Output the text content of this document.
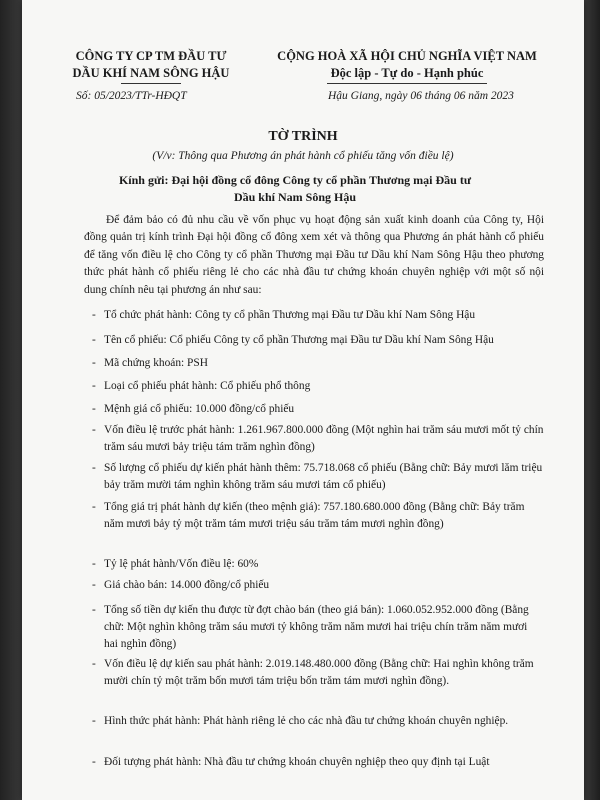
CÔNG TY CP TM ĐẦU TƯ
DẦU KHÍ NAM SÔNG HẬU
CỘNG HOÀ XÃ HỘI CHỦ NGHĨA VIỆT NAM
Độc lập - Tự do - Hạnh phúc
Số: 05/2023/TTr-HĐQT	Hậu Giang, ngày 06 tháng 06 năm 2023
TỜ TRÌNH
(V/v: Thông qua Phương án phát hành cổ phiếu tăng vốn điều lệ)
Kính gửi: Đại hội đồng cổ đông Công ty cổ phần Thương mại Đầu tư
Dầu khí Nam Sông Hậu
Để đảm bảo có đủ nhu cầu về vốn phục vụ hoạt động sản xuất kinh doanh của Công ty, Hội đồng quản trị kính trình Đại hội đồng cổ đông xem xét và thông qua Phương án phát hành cổ phiếu để tăng vốn điều lệ cho Công ty cổ phần Thương mại Đầu tư Dầu khí Nam Sông Hậu theo phương thức phát hành cổ phiếu riêng lẻ cho các nhà đầu tư chứng khoán chuyên nghiệp với một số nội dung chính nêu tại phương án như sau:
- Tổ chức phát hành: Công ty cổ phần Thương mại Đầu tư Dầu khí Nam Sông Hậu
- Tên cổ phiếu: Cổ phiếu Công ty cổ phần Thương mại Đầu tư Dầu khí Nam Sông Hậu
- Mã chứng khoán: PSH
- Loại cổ phiếu phát hành: Cổ phiếu phổ thông
- Mệnh giá cổ phiếu: 10.000 đồng/cổ phiếu
- Vốn điều lệ trước phát hành: 1.261.967.800.000 đồng (Một nghìn hai trăm sáu mươi mốt tỷ chín trăm sáu mươi bảy triệu tám trăm nghìn đồng)
- Số lượng cổ phiếu dự kiến phát hành thêm: 75.718.068 cổ phiếu (Bằng chữ: Bảy mươi lăm triệu bảy trăm mười tám nghìn không trăm sáu mươi tám cổ phiếu)
- Tổng giá trị phát hành dự kiến (theo mệnh giá): 757.180.680.000 đồng (Bằng chữ: Bảy trăm năm mươi bảy tỷ một trăm tám mươi triệu sáu trăm tám mươi nghìn đồng)
- Tỷ lệ phát hành/Vốn điều lệ: 60%
- Giá chào bán: 14.000 đồng/cổ phiếu
- Tổng số tiền dự kiến thu được từ đợt chào bán (theo giá bán): 1.060.052.952.000 đồng (Bằng chữ: Một nghìn không trăm sáu mươi tỷ không trăm năm mươi hai triệu chín trăm năm mươi hai nghìn đồng)
- Vốn điều lệ dự kiến sau phát hành: 2.019.148.480.000 đồng (Bằng chữ: Hai nghìn không trăm mười chín tỷ một trăm bốn mươi tám triệu bốn trăm tám mươi nghìn đồng).
- Hình thức phát hành: Phát hành riêng lẻ cho các nhà đầu tư chứng khoán chuyên nghiệp.
- Đối tượng phát hành: Nhà đầu tư chứng khoán chuyên nghiệp theo quy định tại Luật
